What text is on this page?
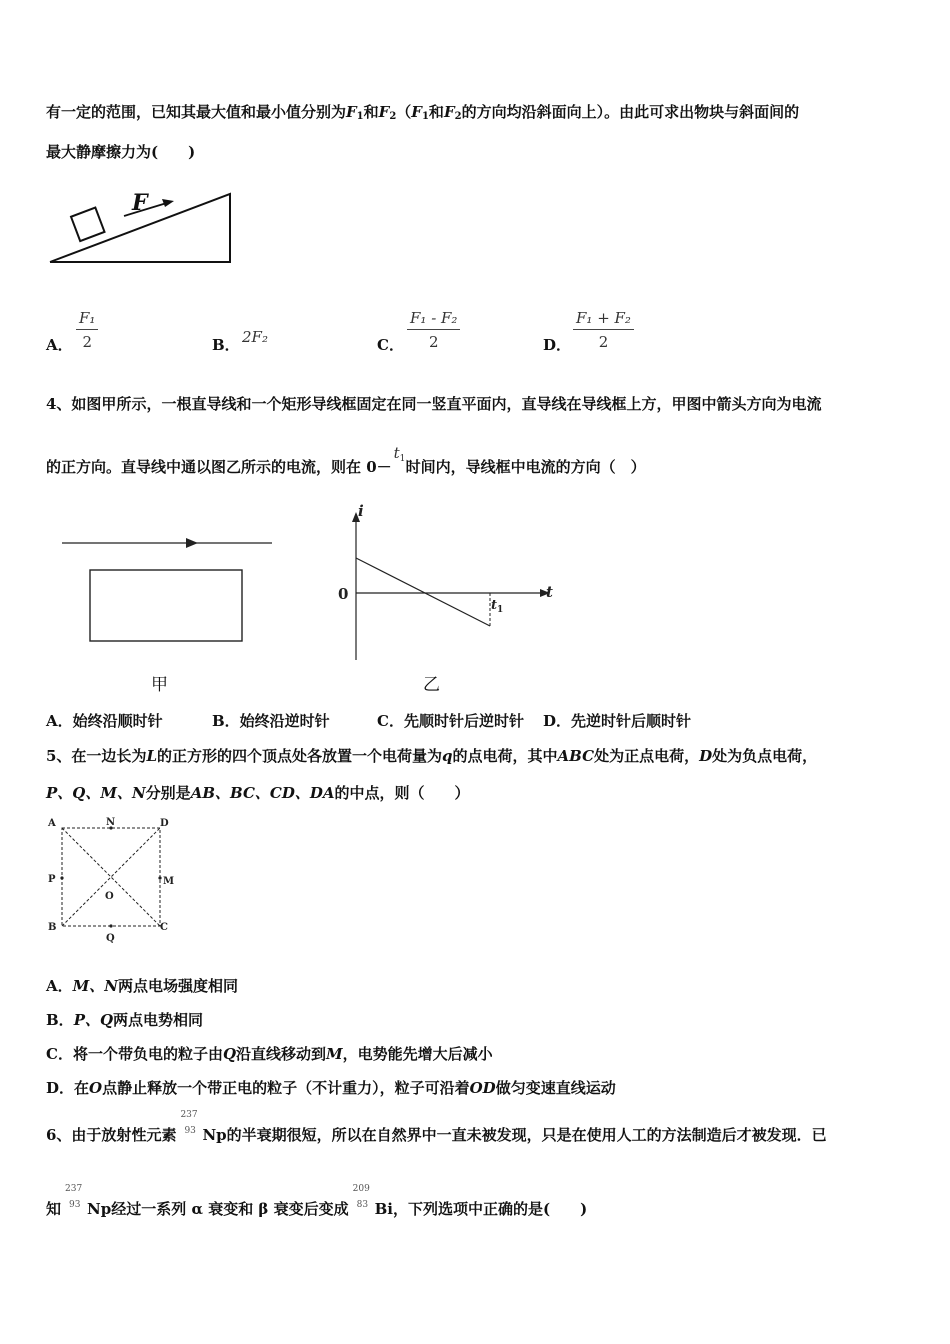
有一定的范围，已知其最大值和最小值分别为$F_1$和$F_2(F_1$和$F_2$的方向均沿斜面向上）。由此可求出物块与斜面间的
最大静摩擦力为(　　)
F
A． $\frac{\text{F₁}}{2}$	B． 2F₂	C． $\frac{\text{F₁ - F₂}}{2}$	D． $\frac{\text{F₁ + F₂}}{2}$
4、如图甲所示，一根直导线和一个矩形导线框固定在同一竖直平面内，直导线在导线框上方，甲图中箭头方向为电流
的正方向。直导线中通以图乙所示的电流，则在 0－
t 1 时间内，导线框中电流的方向（　）
甲
i
t
0
$t_1$
乙
A．始终沿顺时针	B．始终沿逆时针	C．先顺时针后逆时针 D．先逆时针后顺时针
5、在一边长为L的正方形的四个顶点处各放置一个电荷量为q的点电荷，其中ABC处为正点电荷，D处为负点电荷，
P、Q、M、N分别是AB、BC、CD、DA的中点，则（　　）
A	N	D
P	M
O
B
Q
C
A．M、N两点电场强度相同
B．P、Q两点电势相同
C．将一个带负电的粒子由Q沿直线移动到M，电势能先增大后减小
D．在O点静止释放一个带正电的粒子（不计重力），粒子可沿着OD做匀变速直线运动
6、由于放射性元素
237
93 Np的半衰期很短，所以在自然界中一直未被发现，只是在使用人工的方法制造后才被发现．已
知
237
93 Np经过一系列 α 衰变和 β 衰变后变成
209
83 Bi，下列选项中正确的是(　　)
